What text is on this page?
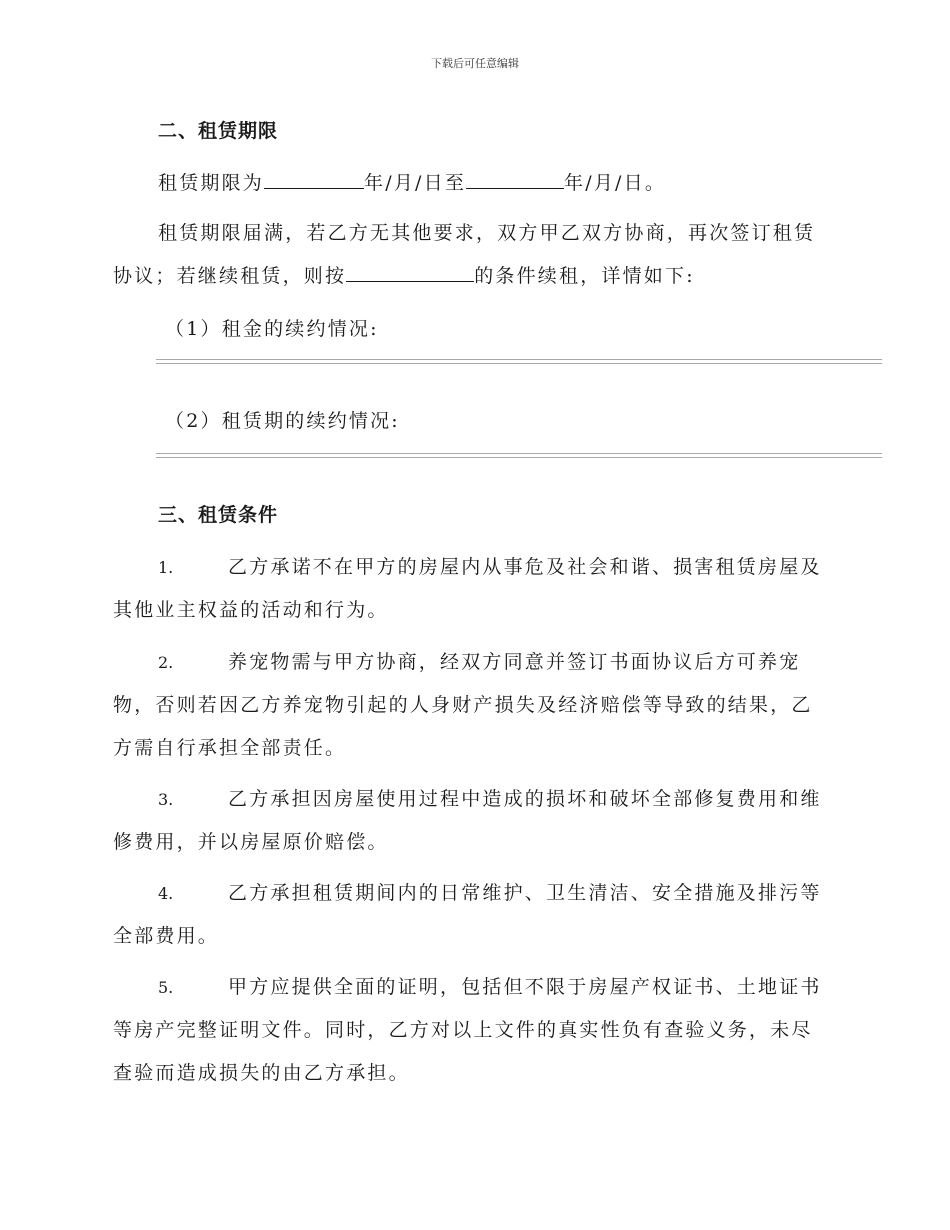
下载后可任意编辑
二、租赁期限
租赁期限为	年/月/日至	年/月/日。
租赁期限届满，若乙方无其他要求，双方甲乙双方协商，再次签订租赁
协议；若继续租赁，则按	的条件续租，详情如下:
（1）租金的续约情况:
（2）租赁期的续约情况:
三、租赁条件
1.	乙方承诺不在甲方的房屋内从事危及社会和谐、损害租赁房屋及
其他业主权益的活动和行为。
2.	养宠物需与甲方协商，经双方同意并签订书面协议后方可养宠
物，否则若因乙方养宠物引起的人身财产损失及经济赔偿等导致的结果，乙
方需自行承担全部责任。
3.	乙方承担因房屋使用过程中造成的损坏和破坏全部修复费用和维
修费用，并以房屋原价赔偿。
4.	乙方承担租赁期间内的日常维护、卫生清洁、安全措施及排污等
全部费用。
5.	甲方应提供全面的证明，包括但不限于房屋产权证书、土地证书
等房产完整证明文件。同时，乙方对以上文件的真实性负有查验义务，未尽
查验而造成损失的由乙方承担。
